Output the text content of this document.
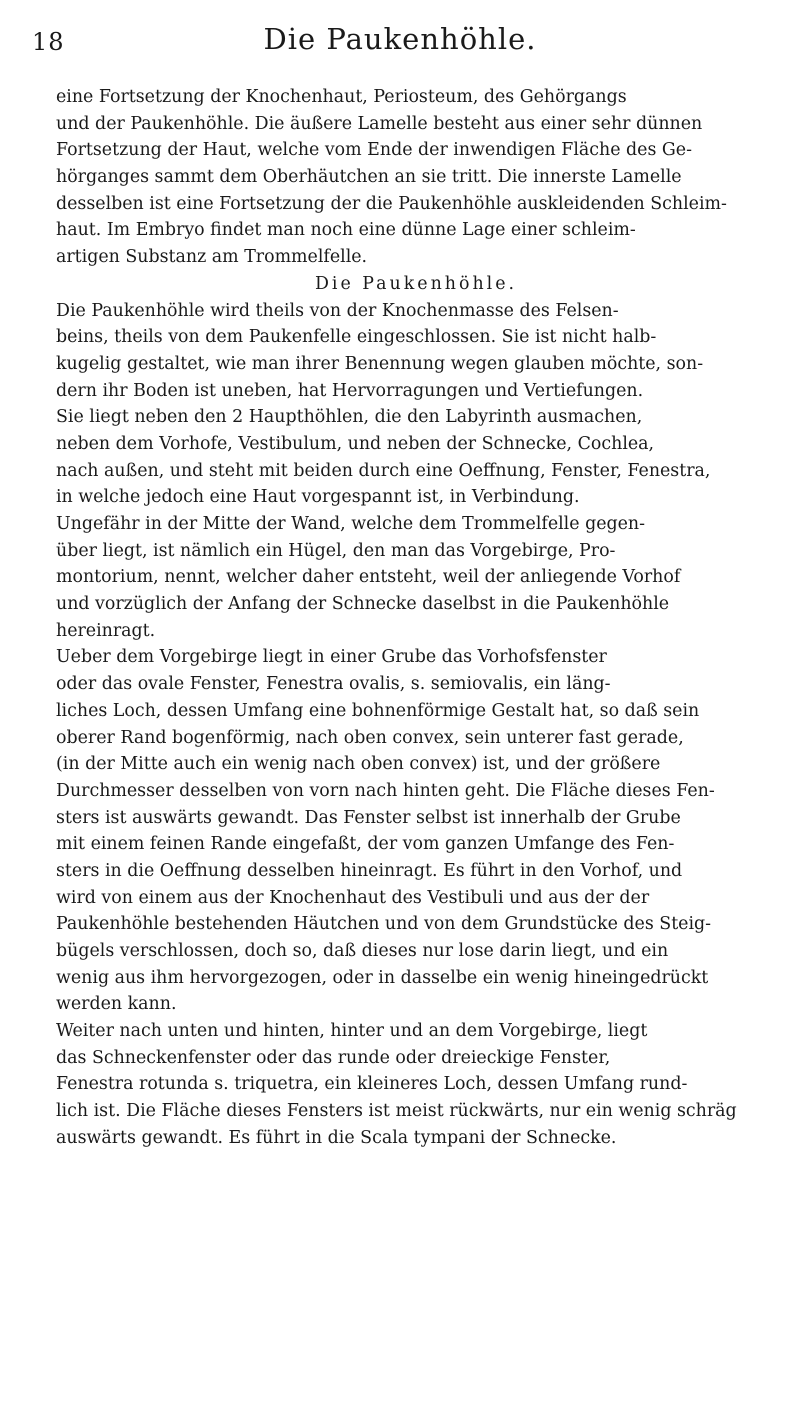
18	Die Paukenhöhle.
eine Fortsetzung der Knochenhaut, Periosteum, des Gehörgangs
und der Paukenhöhle. Die äußere Lamelle besteht aus einer sehr dünnen
Fortsetzung der Haut, welche vom Ende der inwendigen Fläche des Ge-
hörganges sammt dem Oberhäutchen an sie tritt. Die innerste Lamelle
desselben ist eine Fortsetzung der die Paukenhöhle auskleidenden Schleim-
haut. Im Embryo findet man noch eine dünne Lage einer schleim-
artigen Substanz am Trommelfelle.
Die Paukenhöhle.
Die Paukenhöhle wird theils von der Knochenmasse des Felsen-
beins, theils von dem Paukenfelle eingeschlossen. Sie ist nicht halb-
kugelig gestaltet, wie man ihrer Benennung wegen glauben möchte, son-
dern ihr Boden ist uneben, hat Hervorragungen und Vertiefungen.
Sie liegt neben den 2 Haupthöhlen, die den Labyrinth ausmachen,
neben dem Vorhofe, Vestibulum, und neben der Schnecke, Cochlea,
nach außen, und steht mit beiden durch eine Oeffnung, Fenster, Fenestra,
in welche jedoch eine Haut vorgespannt ist, in Verbindung.
Ungefähr in der Mitte der Wand, welche dem Trommelfelle gegen-
über liegt, ist nämlich ein Hügel, den man das Vorgebirge, Pro-
montorium, nennt, welcher daher entsteht, weil der anliegende Vorhof
und vorzüglich der Anfang der Schnecke daselbst in die Paukenhöhle
hereinragt.
Ueber dem Vorgebirge liegt in einer Grube das Vorhofsfenster
oder das ovale Fenster, Fenestra ovalis, s. semiovalis, ein läng-
liches Loch, dessen Umfang eine bohnenförmige Gestalt hat, so daß sein
oberer Rand bogenförmig, nach oben convex, sein unterer fast gerade,
(in der Mitte auch ein wenig nach oben convex) ist, und der größere
Durchmesser desselben von vorn nach hinten geht. Die Fläche dieses Fen-
sters ist auswärts gewandt. Das Fenster selbst ist innerhalb der Grube
mit einem feinen Rande eingefaßt, der vom ganzen Umfange des Fen-
sters in die Oeffnung desselben hineinragt. Es führt in den Vorhof, und
wird von einem aus der Knochenhaut des Vestibuli und aus der der
Paukenhöhle bestehenden Häutchen und von dem Grundstücke des Steig-
bügels verschlossen, doch so, daß dieses nur lose darin liegt, und ein
wenig aus ihm hervorgezogen, oder in dasselbe ein wenig hineingedrückt
werden kann.
Weiter nach unten und hinten, hinter und an dem Vorgebirge, liegt
das Schneckenfenster oder das runde oder dreieckige Fenster,
Fenestra rotunda s. triquetra, ein kleineres Loch, dessen Umfang rund-
lich ist. Die Fläche dieses Fensters ist meist rückwärts, nur ein wenig schräg
auswärts gewandt. Es führt in die Scala tympani der Schnecke.
